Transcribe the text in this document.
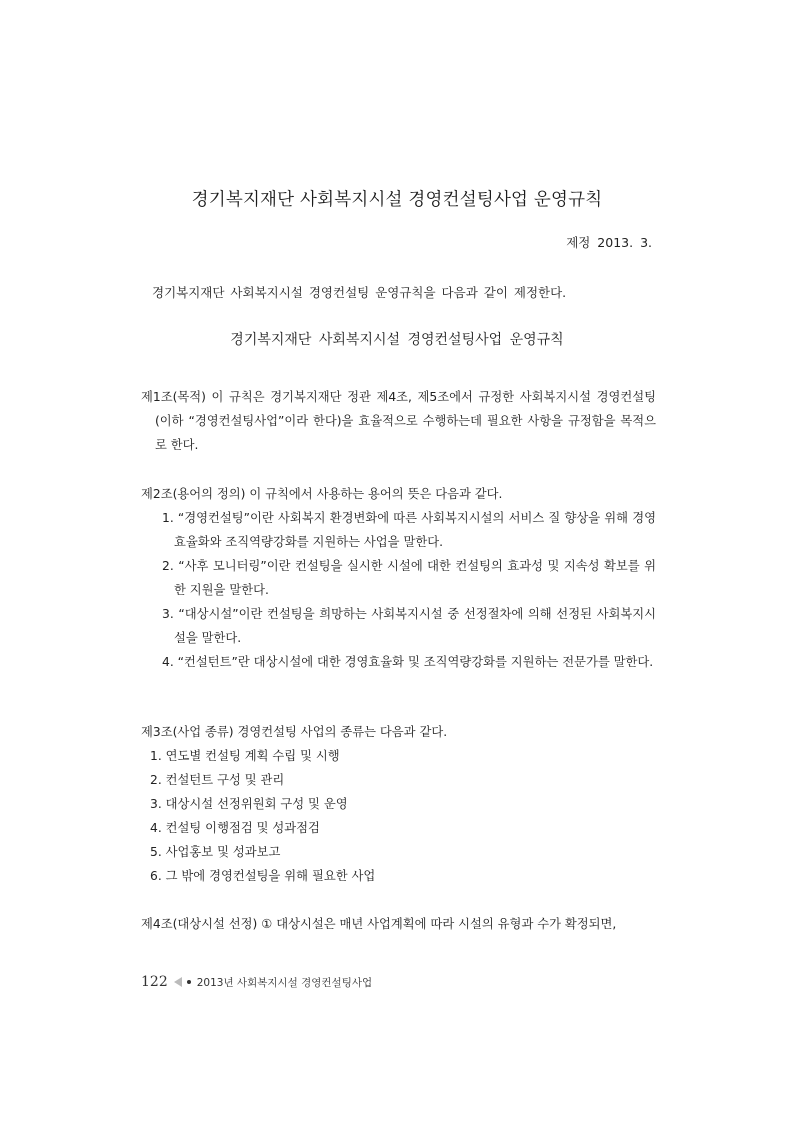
경기복지재단 사회복지시설 경영컨설팅사업 운영규칙
제정 2013. 3.
경기복지재단 사회복지시설 경영컨설팅 운영규칙을 다음과 같이 제정한다.
경기복지재단 사회복지시설 경영컨설팅사업 운영규칙
제1조(목적) 이 규칙은 경기복지재단 정관 제4조, 제5조에서 규정한 사회복지시설 경영컨설팅(이하 “경영컨설팅사업”이라 한다)을 효율적으로 수행하는데 필요한 사항을 규정함을 목적으로 한다.
제2조(용어의 정의) 이 규칙에서 사용하는 용어의 뜻은 다음과 같다.
1. “경영컨설팅”이란 사회복지 환경변화에 따른 사회복지시설의 서비스 질 향상을 위해 경영효율화와 조직역량강화를 지원하는 사업을 말한다.
2. “사후 모니터링”이란 컨설팅을 실시한 시설에 대한 컨설팅의 효과성 및 지속성 확보를 위한 지원을 말한다.
3. “대상시설”이란 컨설팅을 희망하는 사회복지시설 중 선정절차에 의해 선정된 사회복지시설을 말한다.
4. “컨설턴트”란 대상시설에 대한 경영효율화 및 조직역량강화를 지원하는 전문가를 말한다.
제3조(사업 종류) 경영컨설팅 사업의 종류는 다음과 같다.
1. 연도별 컨설팅 계획 수립 및 시행
2. 컨설턴트 구성 및 관리
3. 대상시설 선정위원회 구성 및 운영
4. 컨설팅 이행점검 및 성과점검
5. 사업홍보 및 성과보고
6. 그 밖에 경영컨설팅을 위해 필요한 사업
제4조(대상시설 선정) ① 대상시설은 매년 사업계획에 따라 시설의 유형과 수가 확정되면,
122	2013년 사회복지시설 경영컨설팅사업
